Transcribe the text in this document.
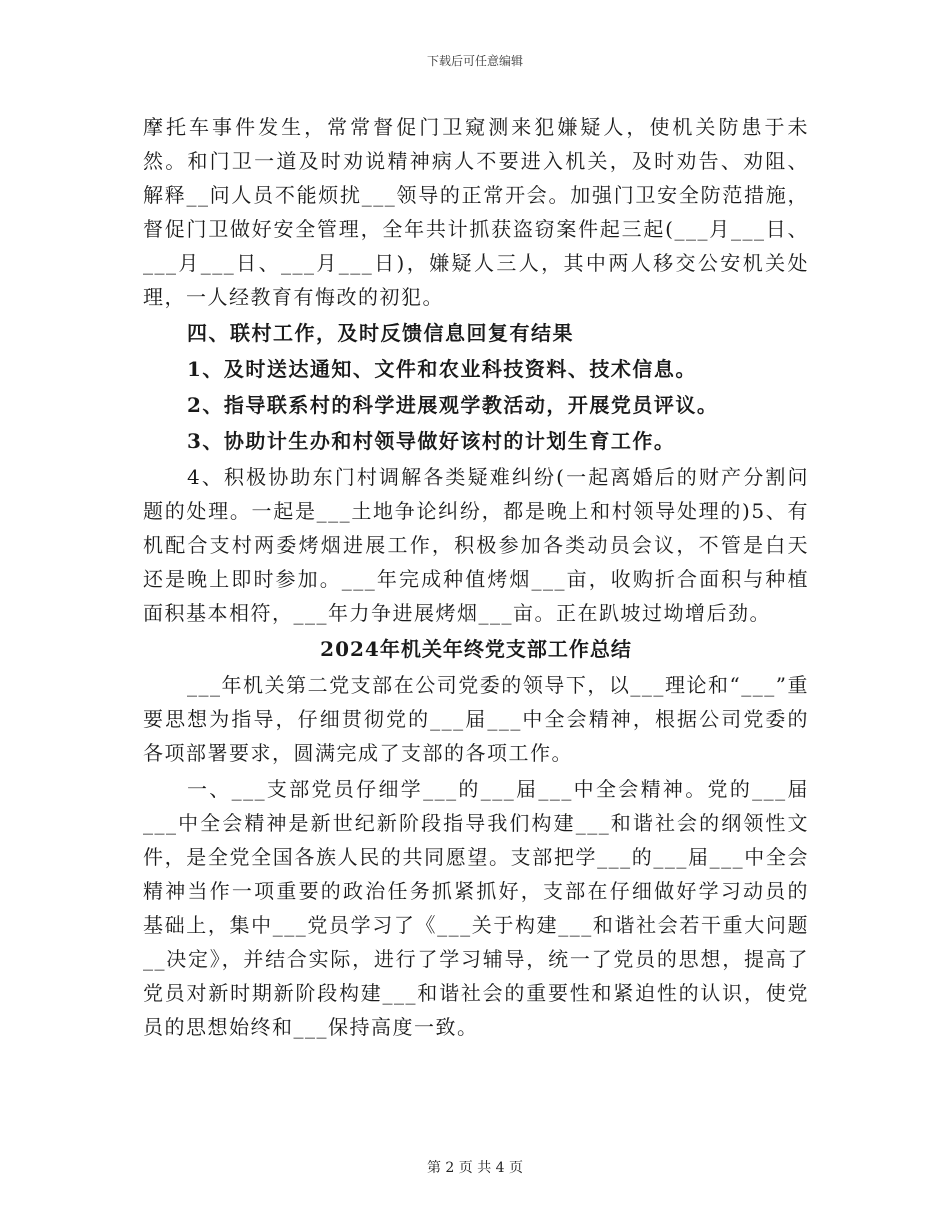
下载后可任意编辑

摩托车事件发生，常常督促门卫窥测来犯嫌疑人，使机关防患于未然。和门卫一道及时劝说精神病人不要进入机关，及时劝告、劝阻、解释__问人员不能烦扰___领导的正常开会。加强门卫安全防范措施，督促门卫做好安全管理，全年共计抓获盗窃案件起三起(___月___日、___月___日、___月___日)，嫌疑人三人，其中两人移交公安机关处理，一人经教育有悔改的初犯。

四、联村工作，及时反馈信息回复有结果

1、及时送达通知、文件和农业科技资料、技术信息。

2、指导联系村的科学进展观学教活动，开展党员评议。

3、协助计生办和村领导做好该村的计划生育工作。

4、积极协助东门村调解各类疑难纠纷(一起离婚后的财产分割问题的处理。一起是___土地争论纠纷，都是晚上和村领导处理的)5、有机配合支村两委烤烟进展工作，积极参加各类动员会议，不管是白天还是晚上即时参加。___年完成种值烤烟___亩，收购折合面积与种植面积基本相符，___年力争进展烤烟___亩。正在趴坡过坳增后劲。

2024年机关年终党支部工作总结

___年机关第二党支部在公司党委的领导下，以___理论和“___”重要思想为指导，仔细贯彻党的___届___中全会精神，根据公司党委的各项部署要求，圆满完成了支部的各项工作。

一、___支部党员仔细学___的___届___中全会精神。党的___届___中全会精神是新世纪新阶段指导我们构建___和谐社会的纲领性文件，是全党全国各族人民的共同愿望。支部把学___的___届___中全会精神当作一项重要的政治任务抓紧抓好，支部在仔细做好学习动员的基础上，集中___党员学习了《___关于构建___和谐社会若干重大问题__决定》，并结合实际，进行了学习辅导，统一了党员的思想，提高了党员对新时期新阶段构建___和谐社会的重要性和紧迫性的认识，使党员的思想始终和___保持高度一致。

第 2 页 共 4 页
